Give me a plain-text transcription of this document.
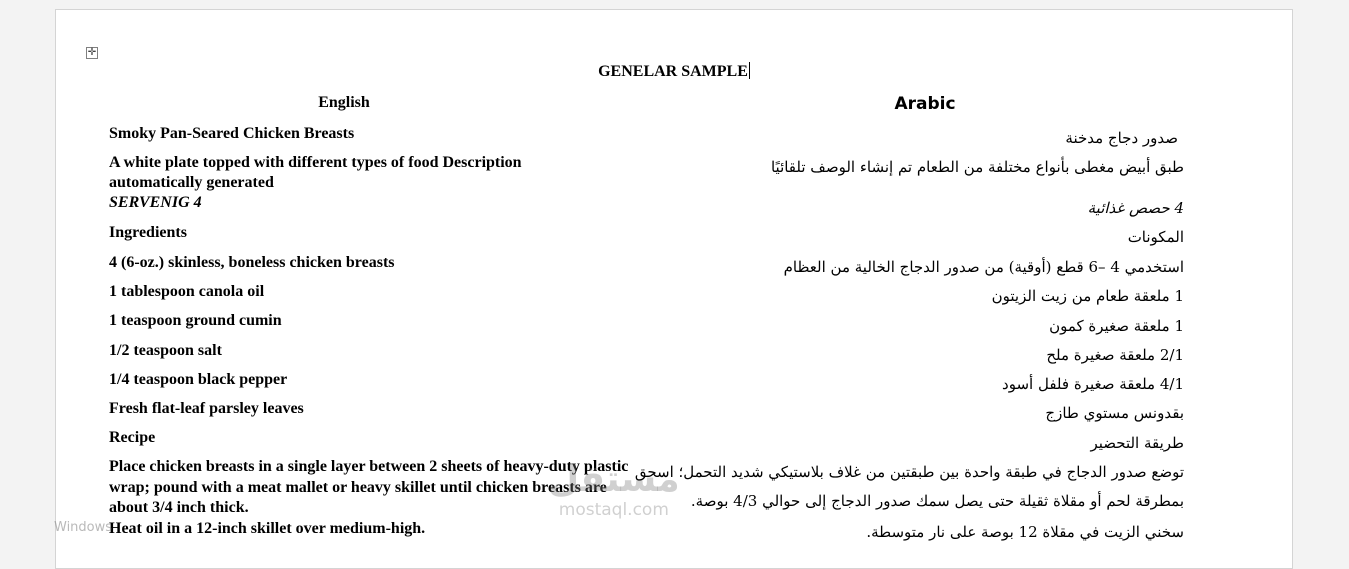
✛
GENELAR SAMPLE
English
Smoky Pan-Seared Chicken Breasts
A white plate topped with different types of food Description automatically generated
SERVENIG 4
Ingredients
4 (6-oz.) skinless, boneless chicken breasts
1 tablespoon canola oil
1 teaspoon ground cumin
1/2 teaspoon salt
1/4 teaspoon black pepper
Fresh flat-leaf parsley leaves
Recipe
Place chicken breasts in a single layer between 2 sheets of heavy-duty plastic wrap; pound with a meat mallet or heavy skillet until chicken breasts are about 3/4 inch thick.
Heat oil in a 12-inch skillet over medium-high.
Arabic
صدور دجاج مدخنة
طبق أبيض مغطى بأنواع مختلفة من الطعام تم إنشاء الوصف تلقائيًا
4 حصص غذائية
المكونات
استخدمي 4 –6 قطع (أوقية) من صدور الدجاج الخالية من العظام
1 ملعقة طعام من زيت الزيتون
1 ملعقة صغيرة كمون
2/1 ملعقة صغيرة ملح
4/1 ملعقة صغيرة فلفل أسود
بقدونس مستوي طازج
طريقة التحضير
توضع صدور الدجاج في طبقة واحدة بين طبقتين من غلاف بلاستيكي شديد التحمل؛ اسحق
بمطرقة لحم أو مقلاة ثقيلة حتى يصل سمك صدور الدجاج إلى حوالي 4/3 بوصة.
سخني الزيت في مقلاة 12 بوصة على نار متوسطة.
مستقل
mostaql.com
Windows
